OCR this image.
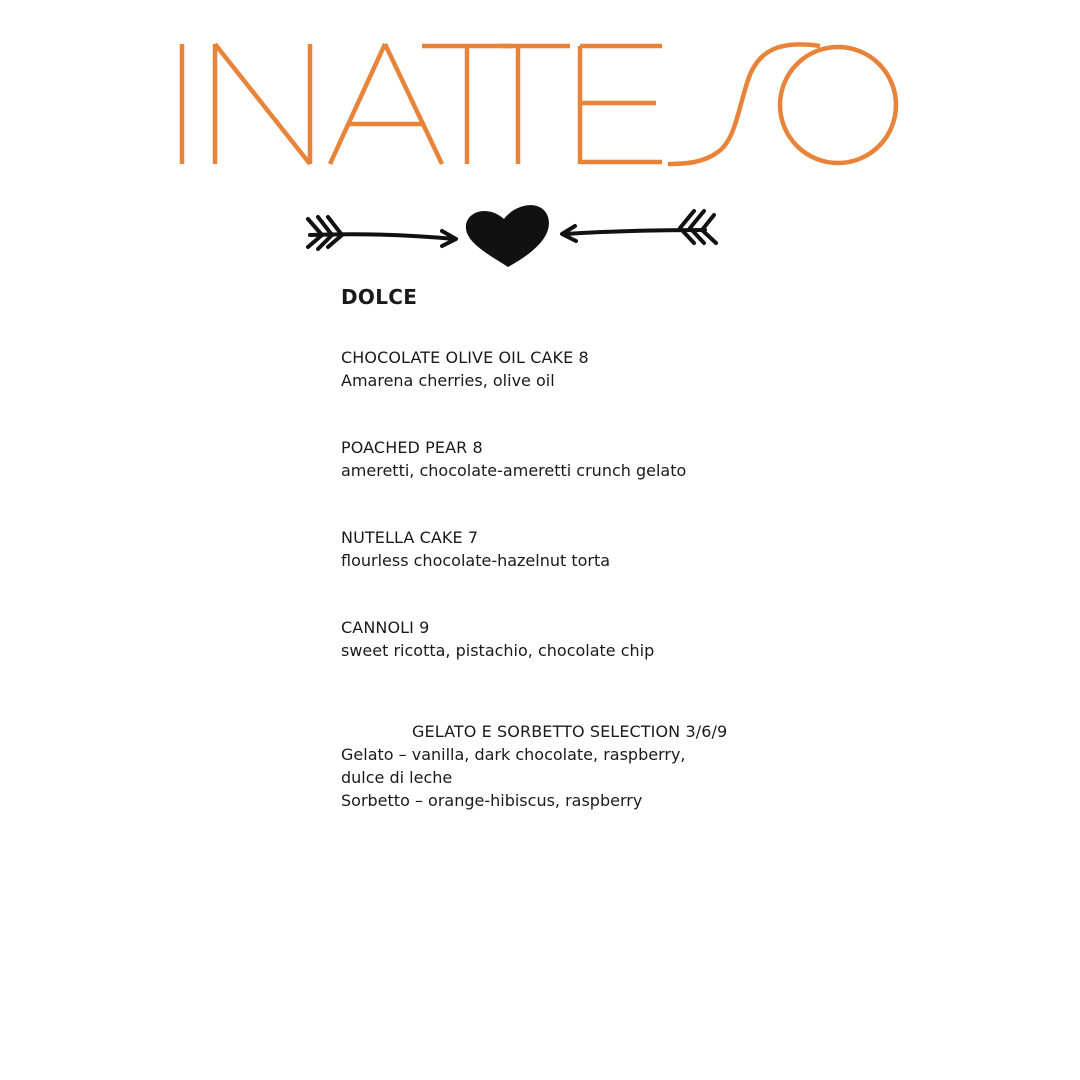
DOLCE
CHOCOLATE OLIVE OIL CAKE 8
Amarena cherries, olive oil
POACHED PEAR 8
ameretti, chocolate-ameretti crunch gelato
NUTELLA CAKE 7
flourless chocolate-hazelnut torta
CANNOLI 9
sweet ricotta, pistachio, chocolate chip
GELATO E SORBETTO SELECTION 3/6/9
Gelato – vanilla, dark chocolate, raspberry,
dulce di leche
Sorbetto – orange-hibiscus, raspberry
